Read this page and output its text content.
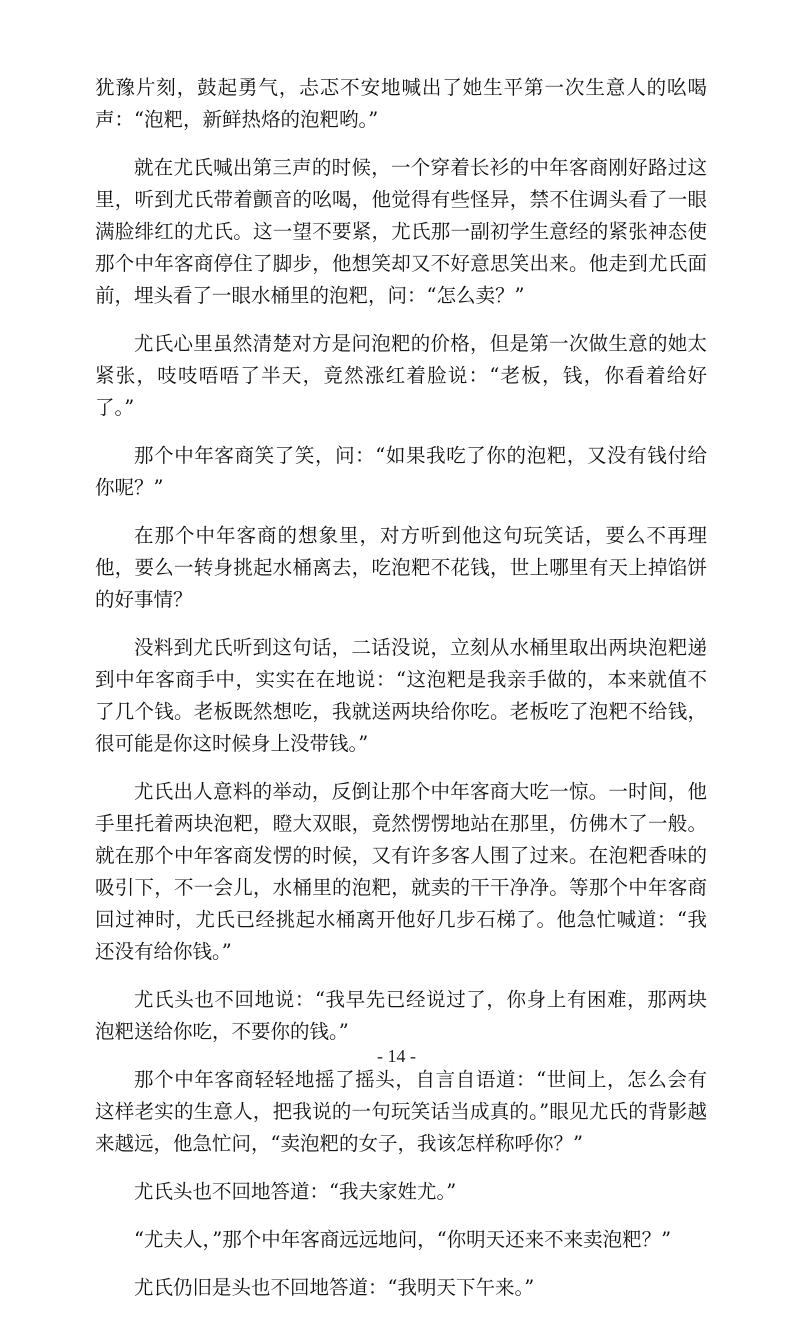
犹豫片刻，鼓起勇气，忐忑不安地喊出了她生平第一次生意人的吆喝声：“泡粑，新鲜热烙的泡粑哟。”

就在尤氏喊出第三声的时候，一个穿着长衫的中年客商刚好路过这里，听到尤氏带着颤音的吆喝，他觉得有些怪异，禁不住调头看了一眼满脸绯红的尤氏。这一望不要紧，尤氏那一副初学生意经的紧张神态使那个中年客商停住了脚步，他想笑却又不好意思笑出来。他走到尤氏面前，埋头看了一眼水桶里的泡粑，问：“怎么卖？”

尤氏心里虽然清楚对方是问泡粑的价格，但是第一次做生意的她太紧张，吱吱唔唔了半天，竟然涨红着脸说：“老板，钱，你看着给好了。”

那个中年客商笑了笑，问：“如果我吃了你的泡粑，又没有钱付给你呢？”

在那个中年客商的想象里，对方听到他这句玩笑话，要么不再理他，要么一转身挑起水桶离去，吃泡粑不花钱，世上哪里有天上掉馅饼的好事情？

没料到尤氏听到这句话，二话没说，立刻从水桶里取出两块泡粑递到中年客商手中，实实在在地说：“这泡粑是我亲手做的，本来就值不了几个钱。老板既然想吃，我就送两块给你吃。老板吃了泡粑不给钱，很可能是你这时候身上没带钱。”

尤氏出人意料的举动，反倒让那个中年客商大吃一惊。一时间，他手里托着两块泡粑，瞪大双眼，竟然愣愣地站在那里，仿佛木了一般。就在那个中年客商发愣的时候，又有许多客人围了过来。在泡粑香味的吸引下，不一会儿，水桶里的泡粑，就卖的干干净净。等那个中年客商回过神时，尤氏已经挑起水桶离开他好几步石梯了。他急忙喊道：“我还没有给你钱。”

尤氏头也不回地说：“我早先已经说过了，你身上有困难，那两块泡粑送给你吃，不要你的钱。”

那个中年客商轻轻地摇了摇头，自言自语道：“世间上，怎么会有这样老实的生意人，把我说的一句玩笑话当成真的。”眼见尤氏的背影越来越远，他急忙问，“卖泡粑的女子，我该怎样称呼你？”

尤氏头也不回地答道：“我夫家姓尤。”

“尤夫人，”那个中年客商远远地问，“你明天还来不来卖泡粑？”

尤氏仍旧是头也不回地答道：“我明天下午来。”

- 14 -
